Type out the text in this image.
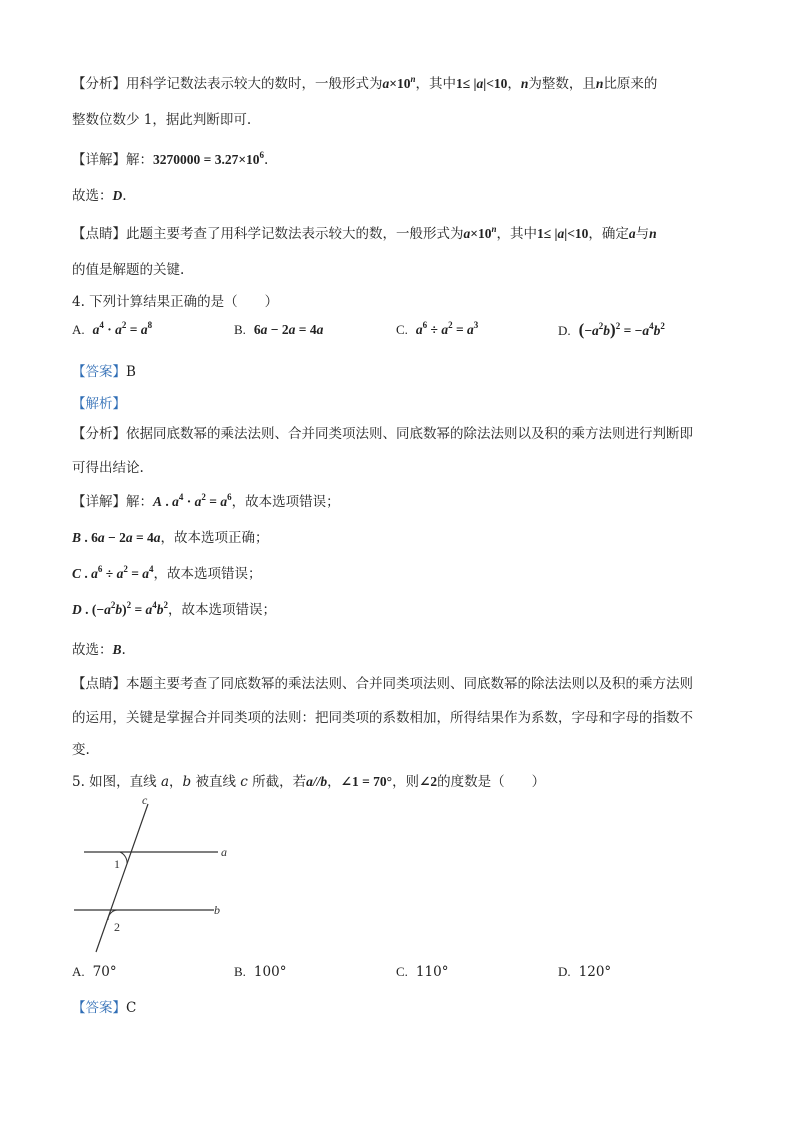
【分析】用科学记数法表示较大的数时，一般形式为$a\times 10^n$，其中1≤ |a|<10，n为整数，且n比原来的
整数位数少 1，据此判断即可.
【详解】解：$3270000 = 3.27\times 10^6$.
故选：D.
【点睛】此题主要考查了用科学记数法表示较大的数，一般形式为$a\times 10^n$，其中1≤ |a|<10，确定a与n
的值是解题的关键.
4. 下列计算结果正确的是（　　）
A. $a^4 \cdot a^2 = a^8$	B. 6a − 2a = 4a	C. $a^6 \div a^2 = a^3$	D. $(-a^2b)^2 = -a^4b^2$
【答案】B
【解析】
【分析】依据同底数幂的乘法法则、合并同类项法则、同底数幂的除法法则以及积的乘方法则进行判断即
可得出结论.
【详解】解：A . $a^4 \cdot a^2 = a^6$，故本选项错误；
B . 6a − 2a = 4a，故本选项正确；
C . $a^6 \div a^2 = a^4$，故本选项错误；
D . $(-a^2b)^2 = a^4b^2$，故本选项错误；
故选：B.
【点睛】本题主要考查了同底数幂的乘法法则、合并同类项法则、同底数幂的除法法则以及积的乘方法则
的运用，关键是掌握合并同类项的法则：把同类项的系数相加，所得结果作为系数，字母和字母的指数不
变.
5. 如图，直线 a，b 被直线 c 所截，若a//b，∠1 = 70°，则∠2的度数是（　　）
c
a
b
1
2
A. 70°	B. 100°	C. 110°	D. 120°
【答案】C
